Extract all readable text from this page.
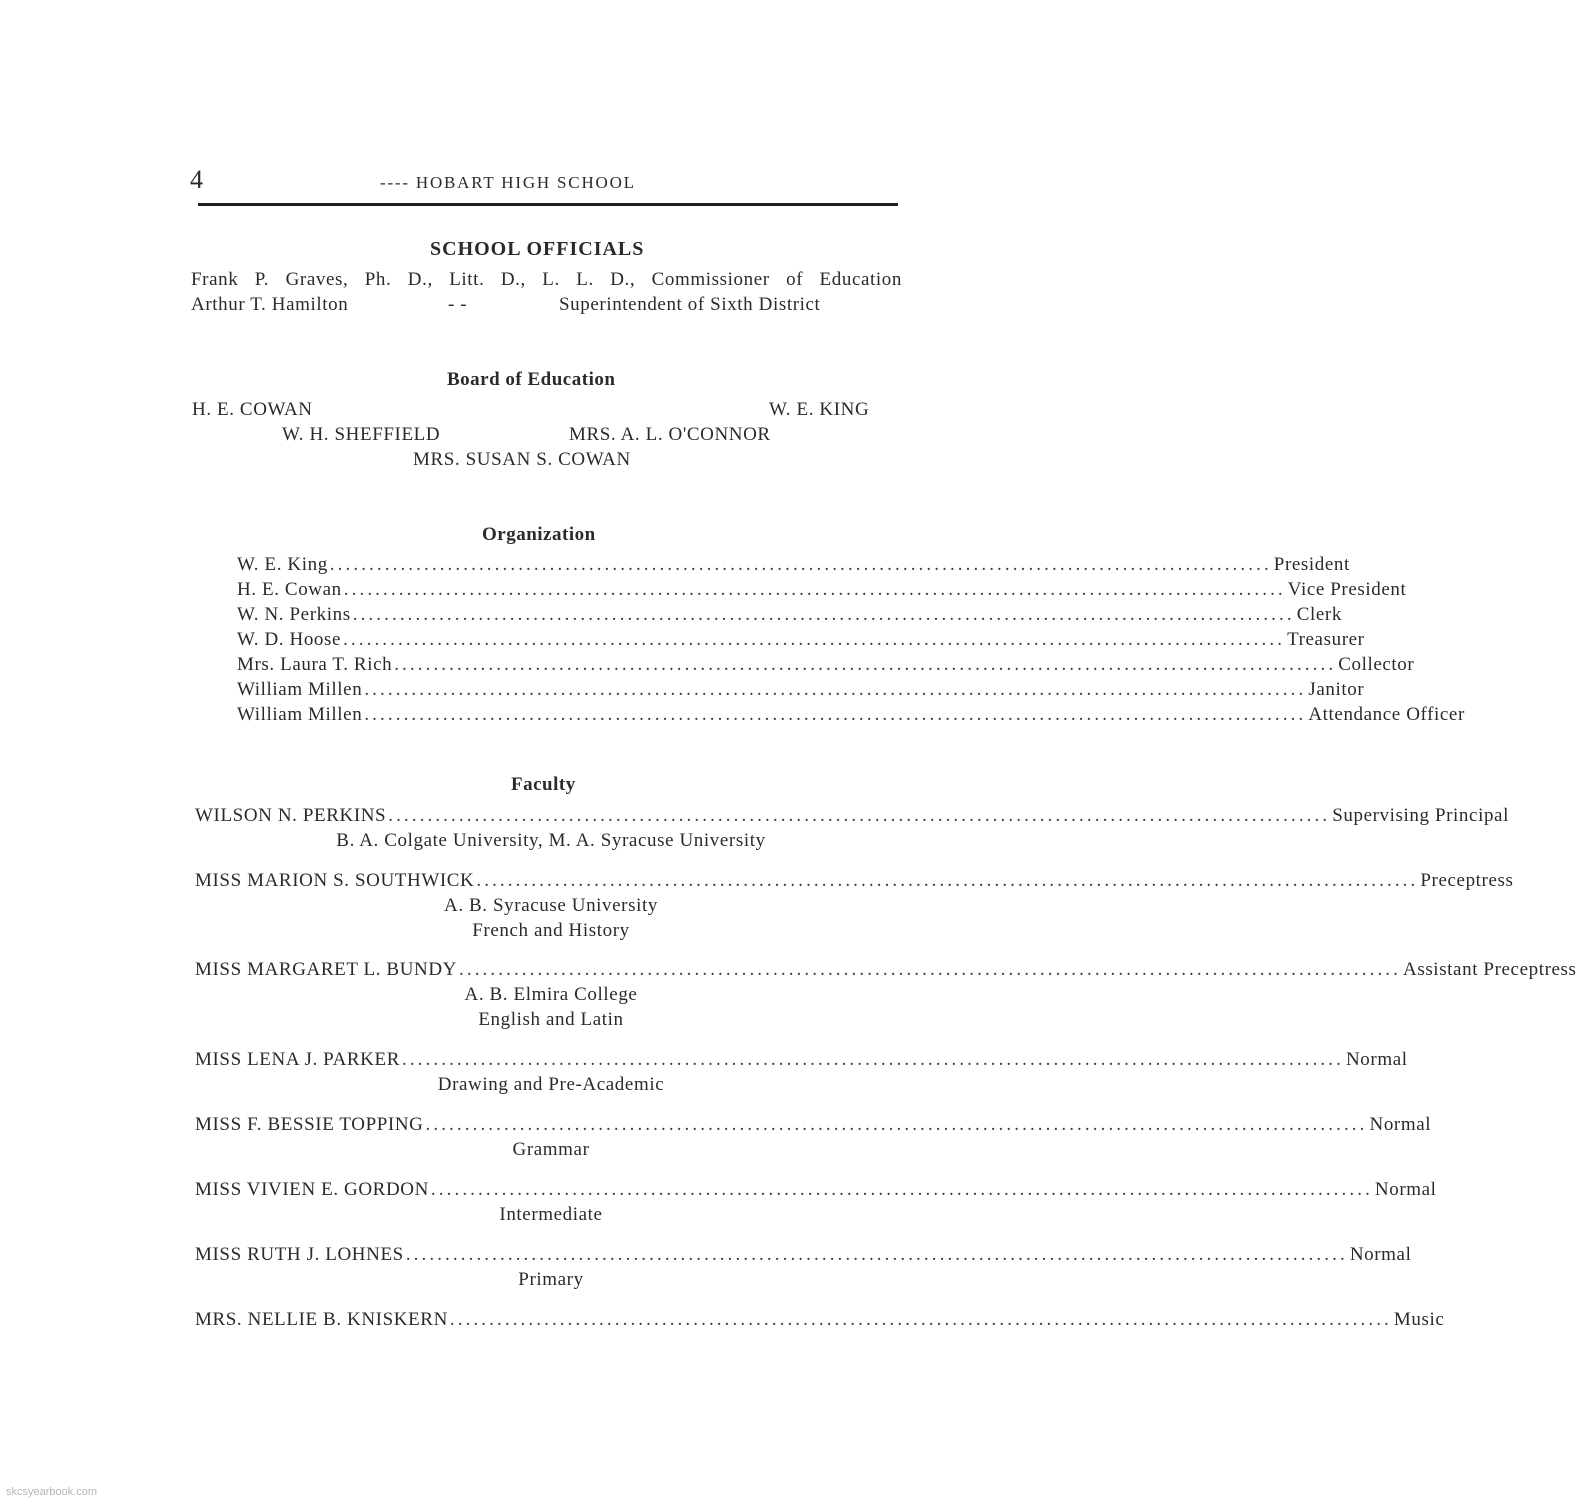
4	---- HOBART HIGH SCHOOL
SCHOOL OFFICIALS
Frank P. Graves, Ph. D., Litt. D., L. L. D., Commissioner of Education
Arthur T. Hamilton	- -	Superintendent of Sixth District
Board of Education
H. E. COWAN	W. E. KING
W. H. SHEFFIELD	MRS. A. L. O'CONNOR
MRS. SUSAN S. COWAN
Organization
W. E. King ........................................................................................................................ President
H. E. Cowan ........................................................................................................................ Vice President
W. N. Perkins ........................................................................................................................ Clerk
W. D. Hoose ........................................................................................................................ Treasurer
Mrs. Laura T. Rich ........................................................................................................................ Collector
William Millen ........................................................................................................................ Janitor
William Millen ........................................................................................................................ Attendance Officer
Faculty
WILSON N. PERKINS ........................................................................................................................ Supervising Principal
B. A. Colgate University, M. A. Syracuse University
MISS MARION S. SOUTHWICK ........................................................................................................................ Preceptress
A. B. Syracuse University
French and History
MISS MARGARET L. BUNDY ........................................................................................................................ Assistant Preceptress
A. B. Elmira College
English and Latin
MISS LENA J. PARKER ........................................................................................................................ Normal
Drawing and Pre-Academic
MISS F. BESSIE TOPPING ........................................................................................................................ Normal
Grammar
MISS VIVIEN E. GORDON ........................................................................................................................ Normal
Intermediate
MISS RUTH J. LOHNES ........................................................................................................................ Normal
Primary
MRS. NELLIE B. KNISKERN ........................................................................................................................ Music
skcsyearbook.com
